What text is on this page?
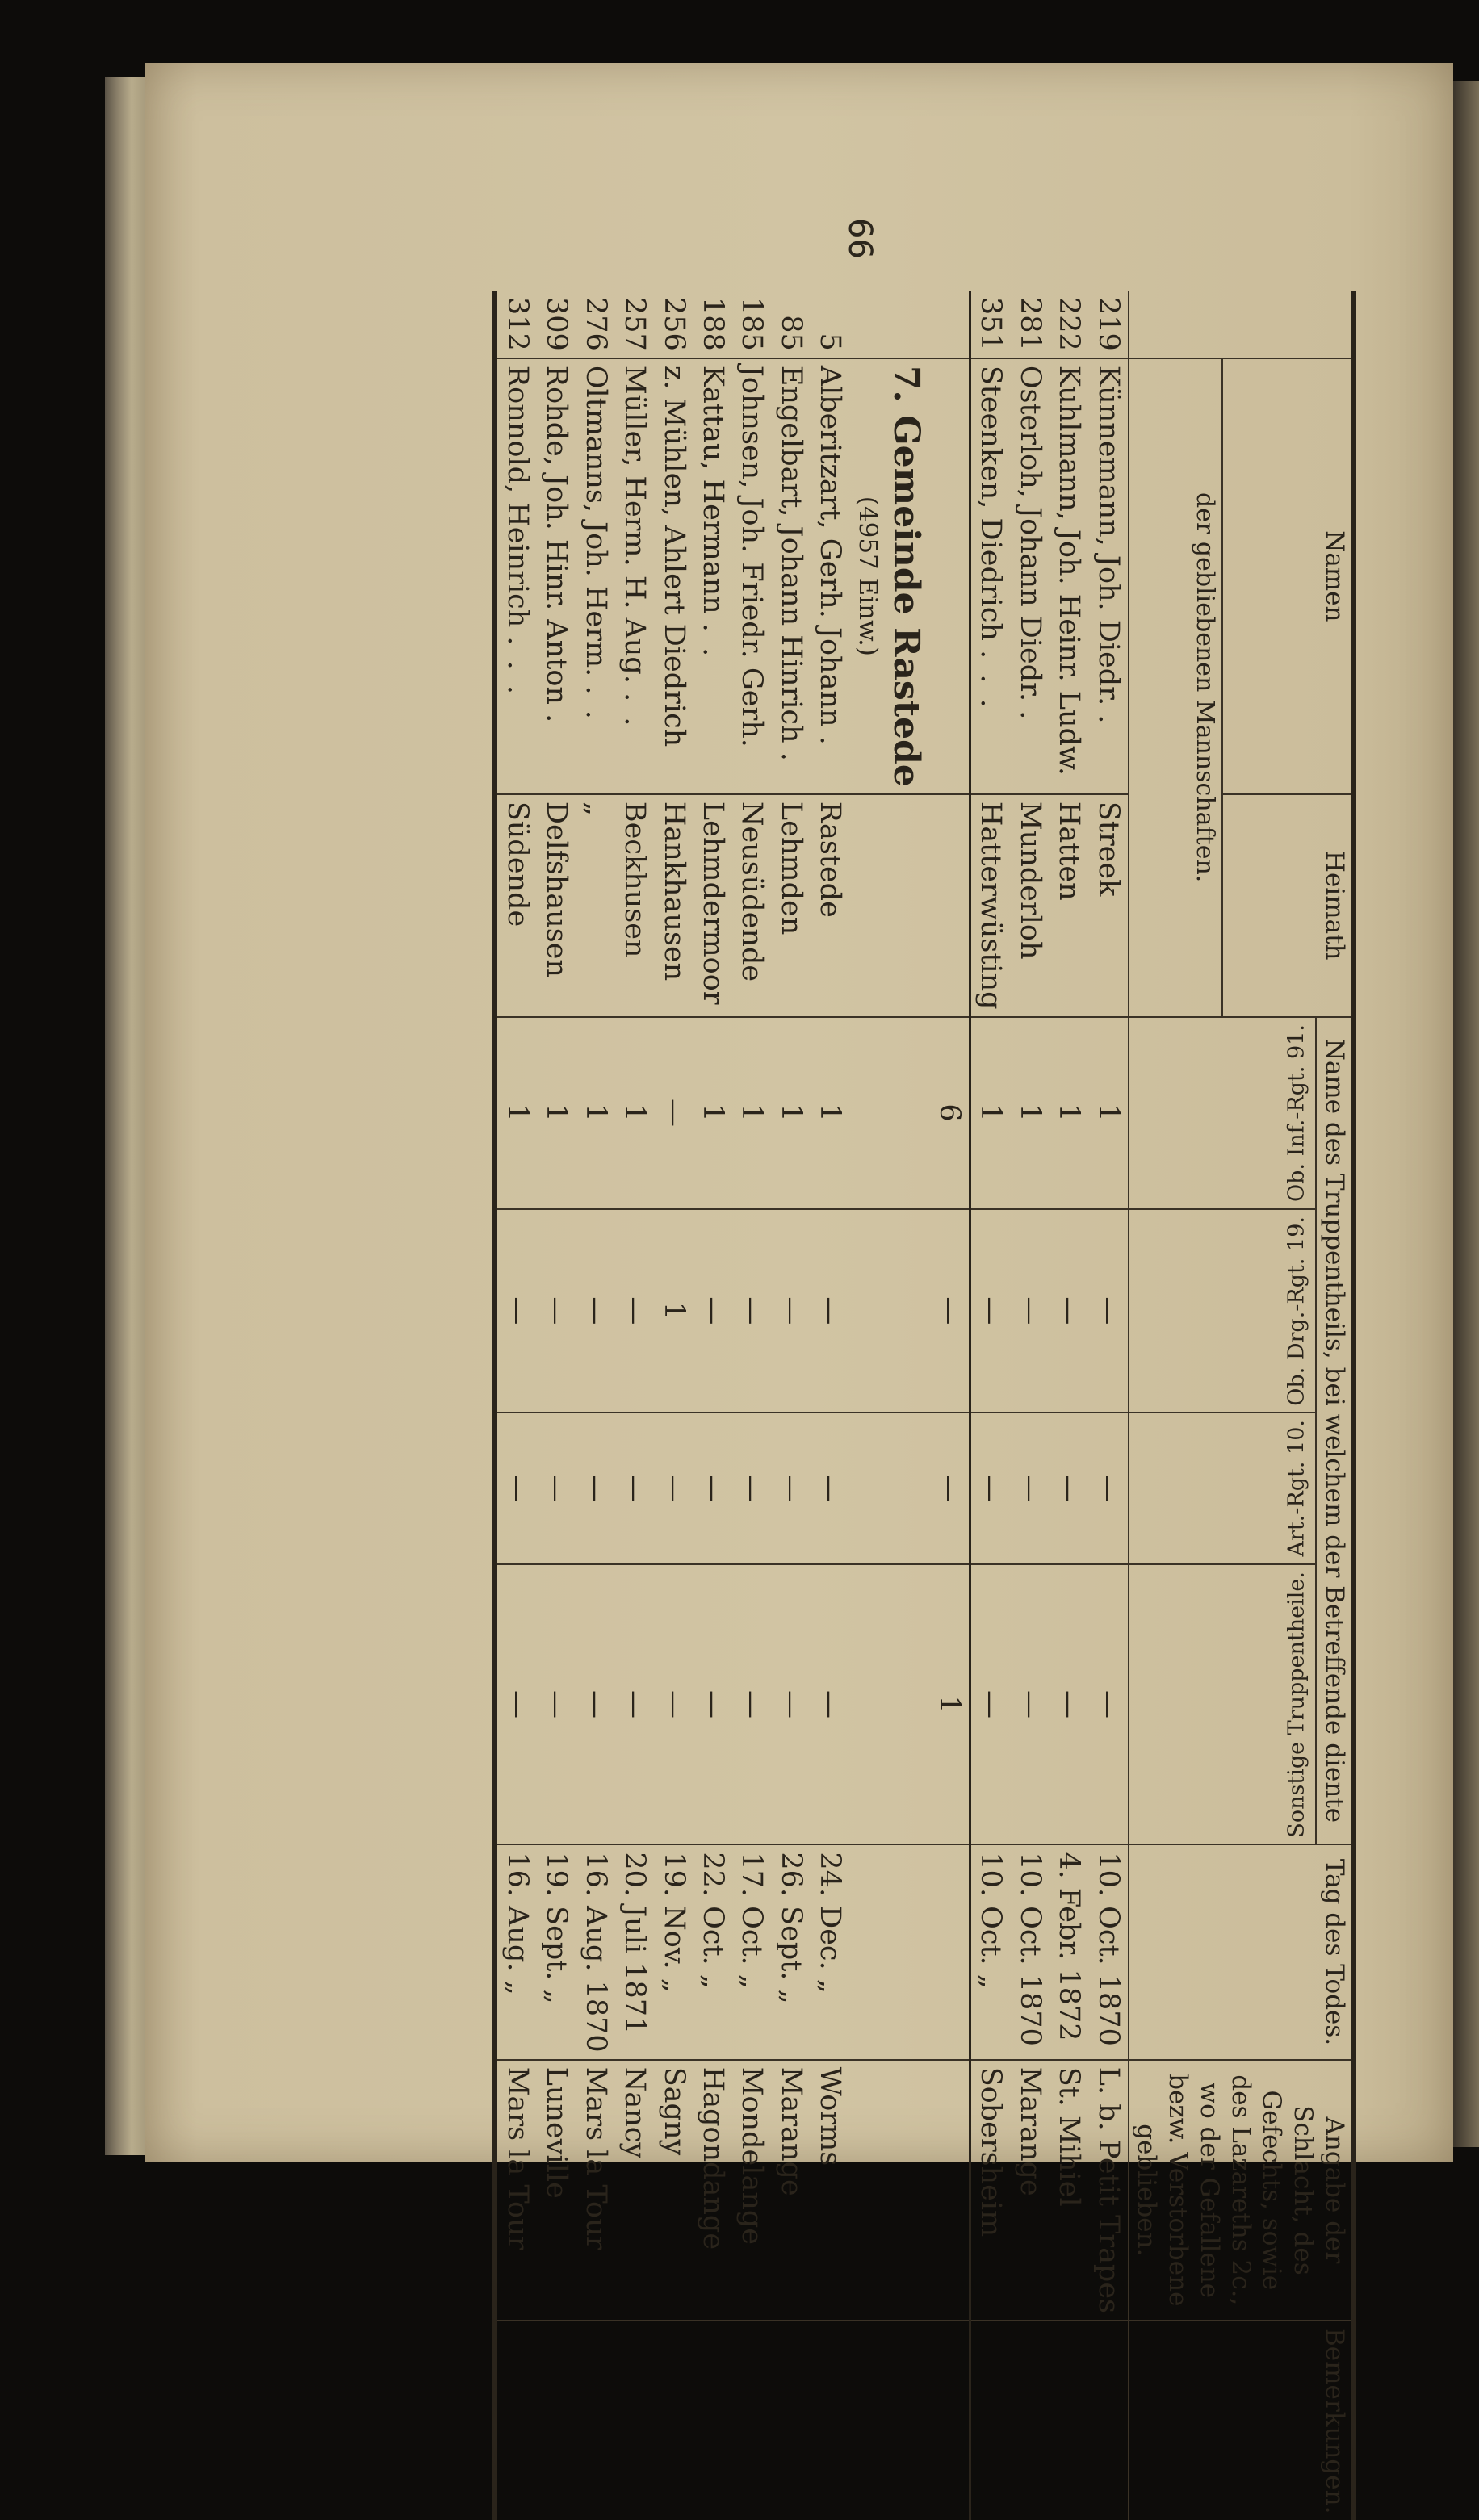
66
	Namen	Heimath	Name des Truppentheils, bei welchem der Betreffende diente				Tag des Todes.	Angabe der Schlacht, des Gefechts, sowie des Lazareths 2c., wo der Gefallene bezw. Verstorbene geblieben.	Bemerkungen.
			Ob. Inf.-Rgt. 91.	Ob. Drg.-Rgt. 19.	Art.-Rgt. 10.	Sonstige Truppentheile.			
	der gebliebenen Mannschaften.								
219	Künnemann, Joh. Diedr. .	Streek	1	—	—	—	10. Oct. 1870	L. b. Petit Trapes	
222	Kuhlmann, Joh. Heinr. Ludw.	Hatten	1	—	—	—	4. Febr. 1872	St. Mihiel	
281	Osterloh, Johann Diedr. .	Munderloh	1	—	—	—	10. Oct. 1870	Marange	
351	Steenken, Diedrich . . .	Hatterwüsting	1	—	—	—	10. Oct. „	Sobersheim	
			6	—	—	1			
	7. Gemeinde Rastede
(4957 Einw.)								

5	Alberitzart, Gerh. Johann .	Rastede	1	—	—	—	24. Dec. „	Worms	
85	Engelbart, Johann Hinrich .	Lehmden	1	—	—	—	26. Sept. „	Marange	
185	Johnsen, Joh. Friedr. Gerh.	Neusüdende	1	—	—	—	17. Oct. „	Mondelange	
188	Kattau, Hermann . .	Lehmdermoor	1	—	—	—	22. Oct. „	Hagondange	
256	z. Mühlen, Ahlert Diedrich	Hankhausen	—	1	—	—	19. Nov. „	Sagny	
257	Müller, Herm. H. Aug. . .	Beckhusen	1	—	—	—	20. Juli 1871	Nancy	
276	Oltmanns, Joh. Herm. . .	„	1	—	—	—	16. Aug. 1870	Mars la Tour	
309	Rohde, Joh. Hinr. Anton .	Delfshausen	1	—	—	—	19. Sept. „	Luneville	
312	Ronnold, Heinrich . . .	Südende	1	—	—	—	16. Aug. „	Mars la Tour	
